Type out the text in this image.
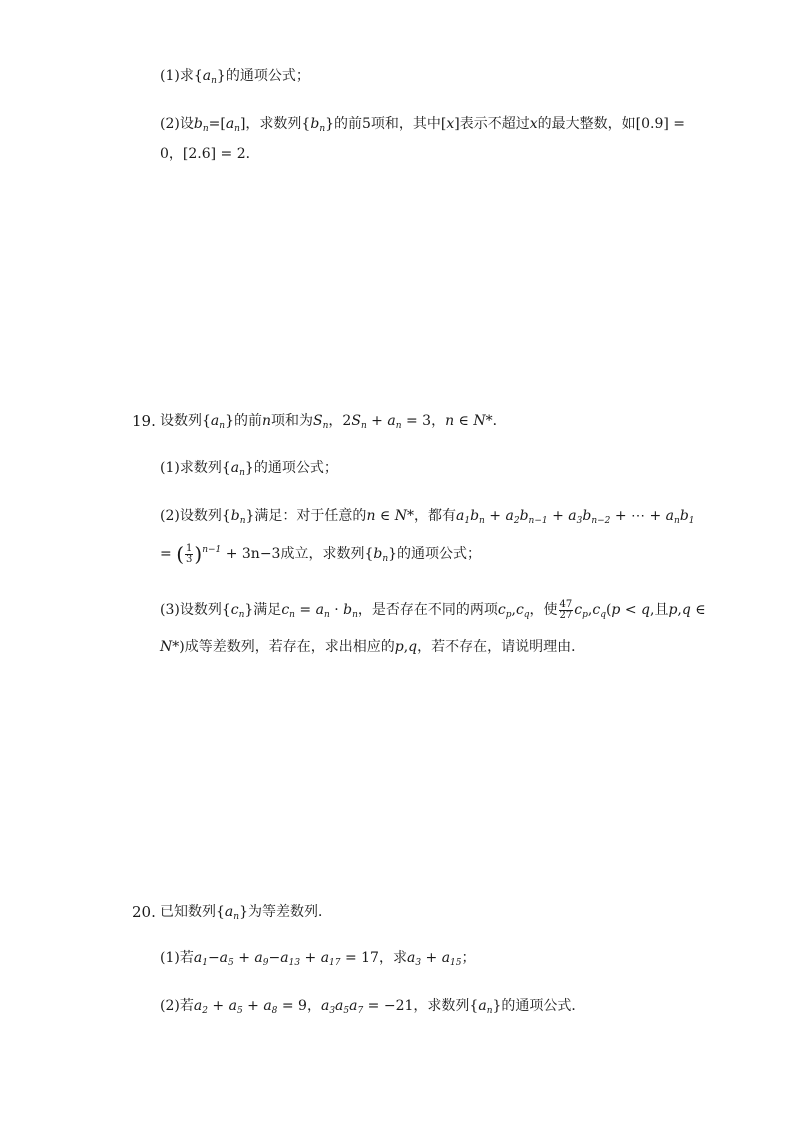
(1)求$\{a_n\}$的通项公式；
(2)设$b_n=[a_n]$，求数列$\{b_n\}$的前5项和，其中[x]表示不超过x的最大整数，如[0.9] =
0，[2.6] = 2．
19. 设数列$\{a_n\}$的前n项和为$S_n$，$2S_n + a_n = 3$，n ∈ N*．
(1)求数列$\{a_n\}$的通项公式；
(2)设数列$\{b_n\}$满足：对于任意的n ∈ N*，都有$a_1b_n + a_2b_{n-1} + a_3b_{n-2}$ + ⋯ + $a_nb_1$
= ( $\frac{1}{3} )^{n-1} + 3n-3$成立，求数列$\{b_n\}$的通项公式；
(3)设数列$\{c_n\}$满足$c_n = a_n \cdot b_n$，是否存在不同的两项$c_p,c_q$，使 $\frac{47}{27} c_p,c_q(p < q$,且p,q ∈
N*)成等差数列，若存在，求出相应的p,q，若不存在，请说明理由．
20. 已知数列$\{a_n\}$为等差数列．
(1)若$a_1-a_5 + a_9-a_{13} + a_{17} = 17$，求$a_3 + a_{15}$；
(2)若$a_2 + a_5 + a_8 = 9$，$a_3a_5a_7 = -21$，求数列$\{a_n\}$的通项公式．
